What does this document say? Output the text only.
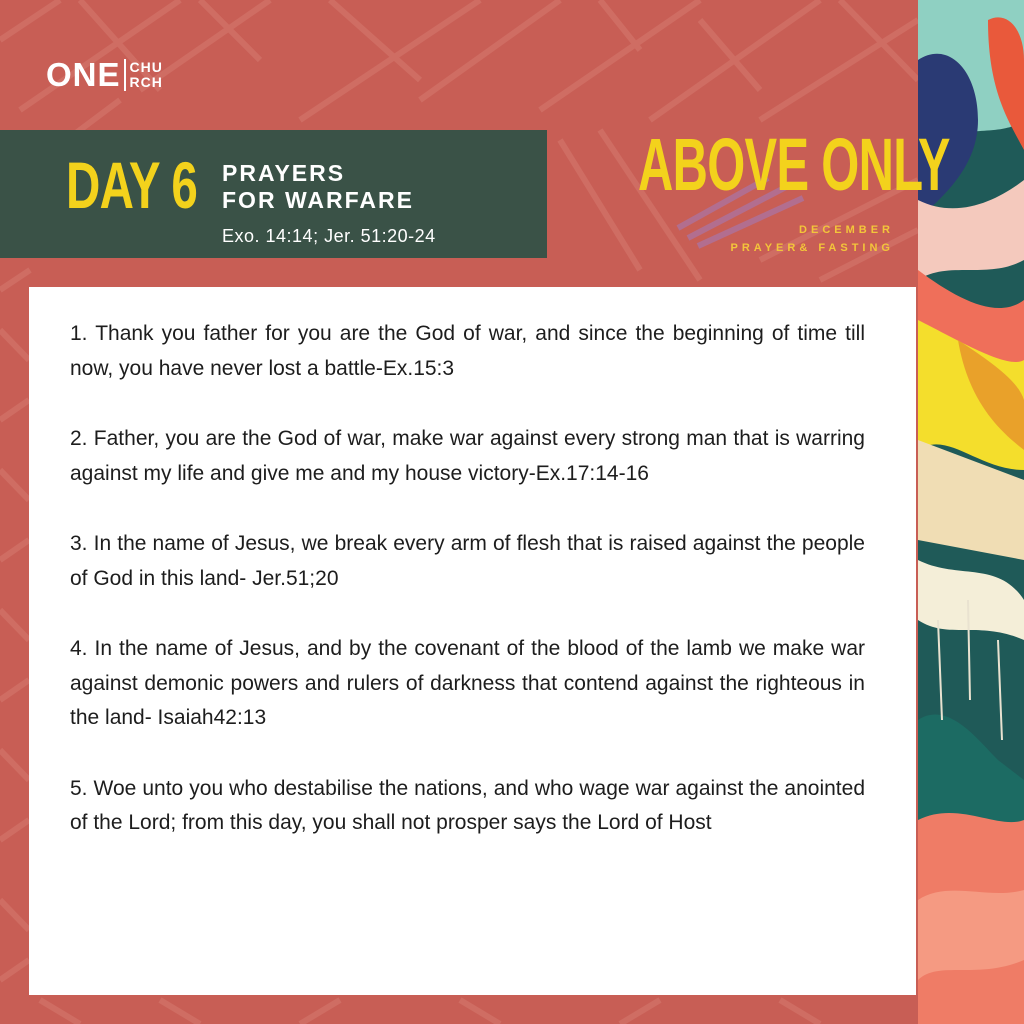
ONE CHU
RCH
DAY 6 PRAYERS
FOR WARFARE
Exo. 14:14; Jer. 51:20-24
ABOVE ONLY
DECEMBER
PRAYER& FASTING
1. Thank you father for you are the God of war, and since the beginning of time till now, you have never lost a battle-Ex.15:3
2. Father, you are the God of war, make war against every strong man that is warring against my life and give me and my house victory-Ex.17:14-16
3. In the name of Jesus, we break every arm of flesh that is raised against the people of God in this land- Jer.51;20
4. In the name of Jesus, and by the covenant of the blood of the lamb we make war against demonic powers and rulers of darkness that contend against the righteous in the land- Isaiah42:13
5. Woe unto you who destabilise the nations, and who wage war against the anointed of the Lord; from this day, you shall not prosper says the Lord of Host
